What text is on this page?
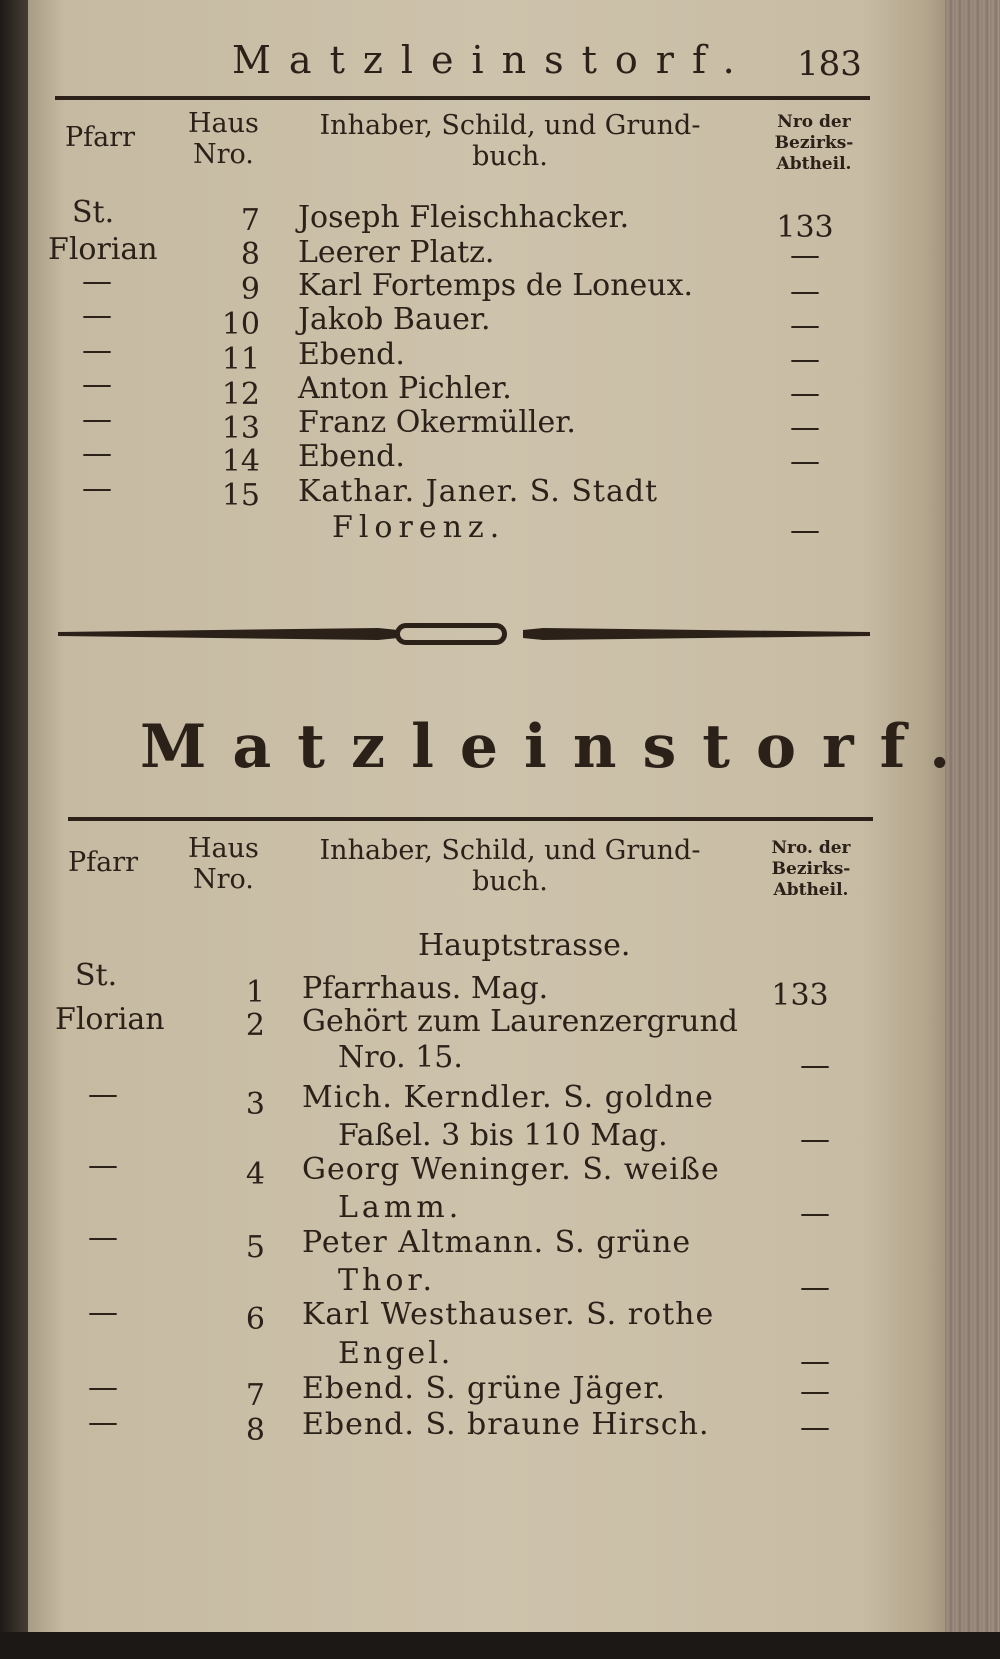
Matzleinstorf. 183
Pfarr Haus
Nro.
Inhaber, Schild, und Grund-
buch.
Nro der
Bezirks-
Abtheil.
St.	7 Joseph Fleischhacker.	133
Florian	8 Leerer Platz.	—
—	9 Karl Fortemps de Loneux.	—
—	10 Jakob Bauer.	—
—	11 Ebend.	—
—	12 Anton Pichler.	—
—	13 Franz Okermüller.	—
—	14 Ebend.	—
—	15 Kathar. Janer. S. Stadt
Florenz.	—
Matzleinstorf.
Pfarr Haus
Nro.
Inhaber, Schild, und Grund-
buch.
Nro. der
Bezirks-
Abtheil.
Hauptstrasse.
St.	1 Pfarrhaus. Mag.	133
Florian	2 Gehört zum Laurenzergrund
Nro. 15.	—
—	3 Mich. Kerndler. S. goldne
Faßel. 3 bis 110 Mag.	—
—	4 Georg Weninger. S. weiße
Lamm.	—
—	5 Peter Altmann. S. grüne
Thor.	—
—	6 Karl Westhauser. S. rothe
Engel.	—
—	7 Ebend. S. grüne Jäger.	—
—	8 Ebend. S. braune Hirsch.	—
